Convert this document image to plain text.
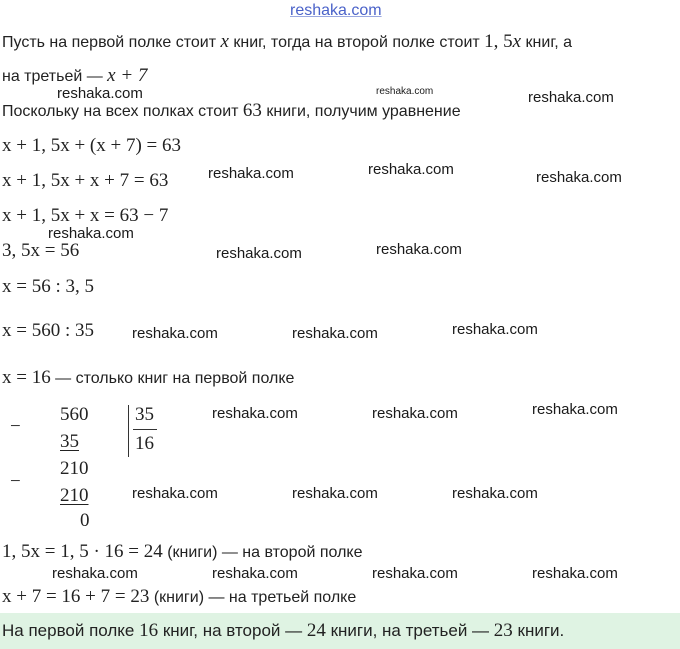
reshaka.com
Пусть на первой полке стоит x книг, тогда на второй полке стоит 1, 5x книг, а
на третьей — x + 7
Поскольку на всех полках стоит 63 книги, получим уравнение
x + 1, 5x + (x + 7) = 63
x + 1, 5x + x + 7 = 63
x + 1, 5x + x = 63 − 7
3, 5x = 56
x = 56 : 3, 5
x = 560 : 35
x = 16 — столько книг на первой полке
−
560
35
−
210
210
0
35
16
1, 5x = 1, 5 · 16 = 24 (книги) — на второй полке
x + 7 = 16 + 7 = 23 (книги) — на третьей полке
На первой полке 16 книг, на второй — 24 книги, на третьей — 23 книги.
reshaka.com	reshaka.com	reshaka.com
reshaka.com	reshaka.com	reshaka.com
reshaka.com
reshaka.com	reshaka.com
reshaka.com	reshaka.com	reshaka.com
reshaka.com	reshaka.com	reshaka.com
reshaka.com	reshaka.com	reshaka.com
reshaka.com	reshaka.com	reshaka.com	reshaka.com
